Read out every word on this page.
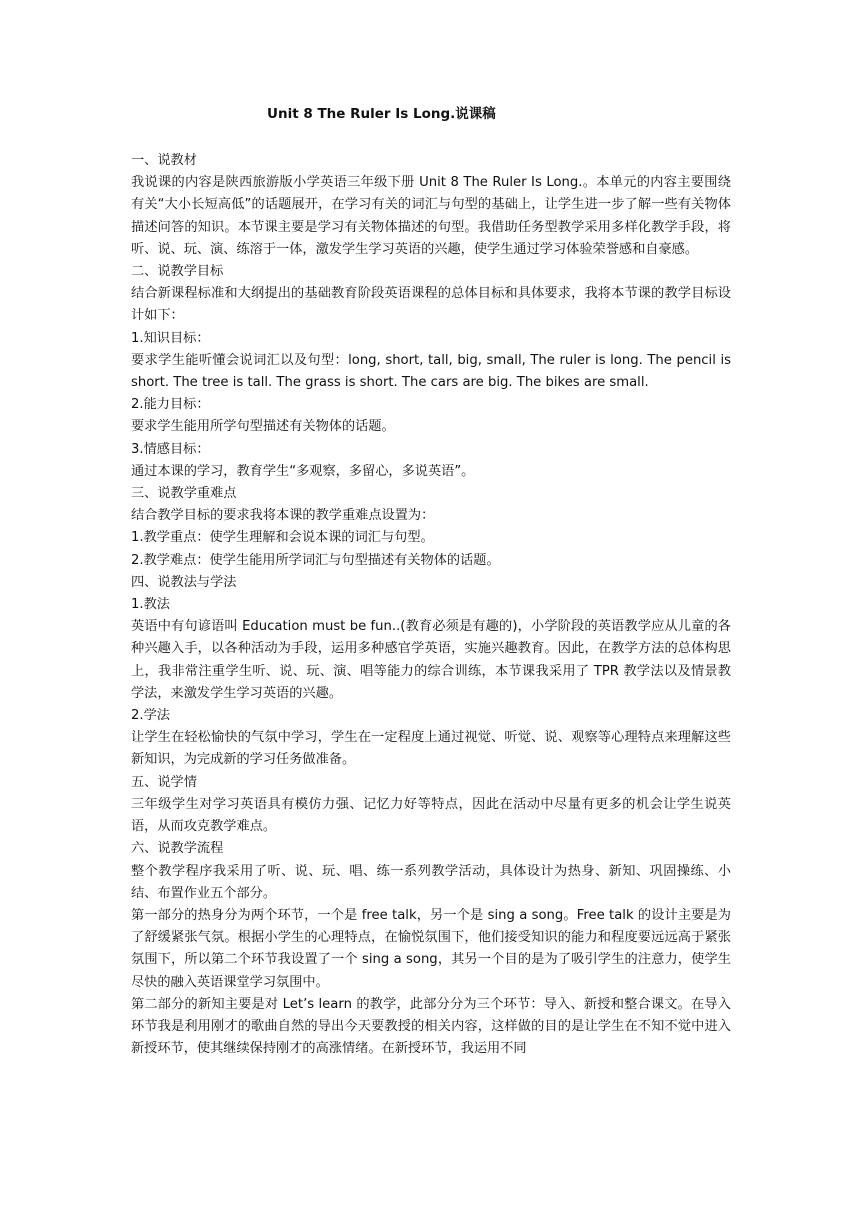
Unit 8 The Ruler Is Long.说课稿
一、说教材
我说课的内容是陕西旅游版小学英语三年级下册 Unit 8 The Ruler Is Long.。本单元的内容主要围绕有关“大小长短高低”的话题展开，在学习有关的词汇与句型的基础上，让学生进一步了解一些有关物体描述问答的知识。本节课主要是学习有关物体描述的句型。我借助任务型教学采用多样化教学手段，将听、说、玩、演、练溶于一体，激发学生学习英语的兴趣，使学生通过学习体验荣誉感和自豪感。
二、说教学目标
结合新课程标准和大纲提出的基础教育阶段英语课程的总体目标和具体要求，我将本节课的教学目标设计如下：
1.知识目标：
要求学生能听懂会说词汇以及句型：long, short, tall, big, small, The ruler is long. The pencil is short. The tree is tall. The grass is short. The cars are big. The bikes are small.
2.能力目标：
要求学生能用所学句型描述有关物体的话题。
3.情感目标：
通过本课的学习，教育学生“多观察，多留心，多说英语”。
三、说教学重难点
结合教学目标的要求我将本课的教学重难点设置为：
1.教学重点：使学生理解和会说本课的词汇与句型。
2.教学难点：使学生能用所学词汇与句型描述有关物体的话题。
四、说教法与学法
1.教法
英语中有句谚语叫 Education must be fun..(教育必须是有趣的)，小学阶段的英语教学应从儿童的各种兴趣入手，以各种活动为手段，运用多种感官学英语，实施兴趣教育。因此，在教学方法的总体构思上，我非常注重学生听、说、玩、演、唱等能力的综合训练，本节课我采用了 TPR 教学法以及情景教学法，来激发学生学习英语的兴趣。
2.学法
让学生在轻松愉快的气氛中学习，学生在一定程度上通过视觉、听觉、说、观察等心理特点来理解这些新知识，为完成新的学习任务做准备。
五、说学情
三年级学生对学习英语具有模仿力强、记忆力好等特点，因此在活动中尽量有更多的机会让学生说英语，从而攻克教学难点。
六、说教学流程
整个教学程序我采用了听、说、玩、唱、练一系列教学活动，具体设计为热身、新知、巩固操练、小结、布置作业五个部分。
第一部分的热身分为两个环节，一个是 free talk，另一个是 sing a song。Free talk 的设计主要是为了舒缓紧张气氛。根据小学生的心理特点，在愉悦氛围下，他们接受知识的能力和程度要远远高于紧张氛围下，所以第二个环节我设置了一个 sing a song，其另一个目的是为了吸引学生的注意力，使学生尽快的融入英语课堂学习氛围中。
第二部分的新知主要是对 Let’s learn 的教学，此部分分为三个环节：导入、新授和整合课文。在导入环节我是利用刚才的歌曲自然的导出今天要教授的相关内容，这样做的目的是让学生在不知不觉中进入新授环节，使其继续保持刚才的高涨情绪。在新授环节，我运用不同
